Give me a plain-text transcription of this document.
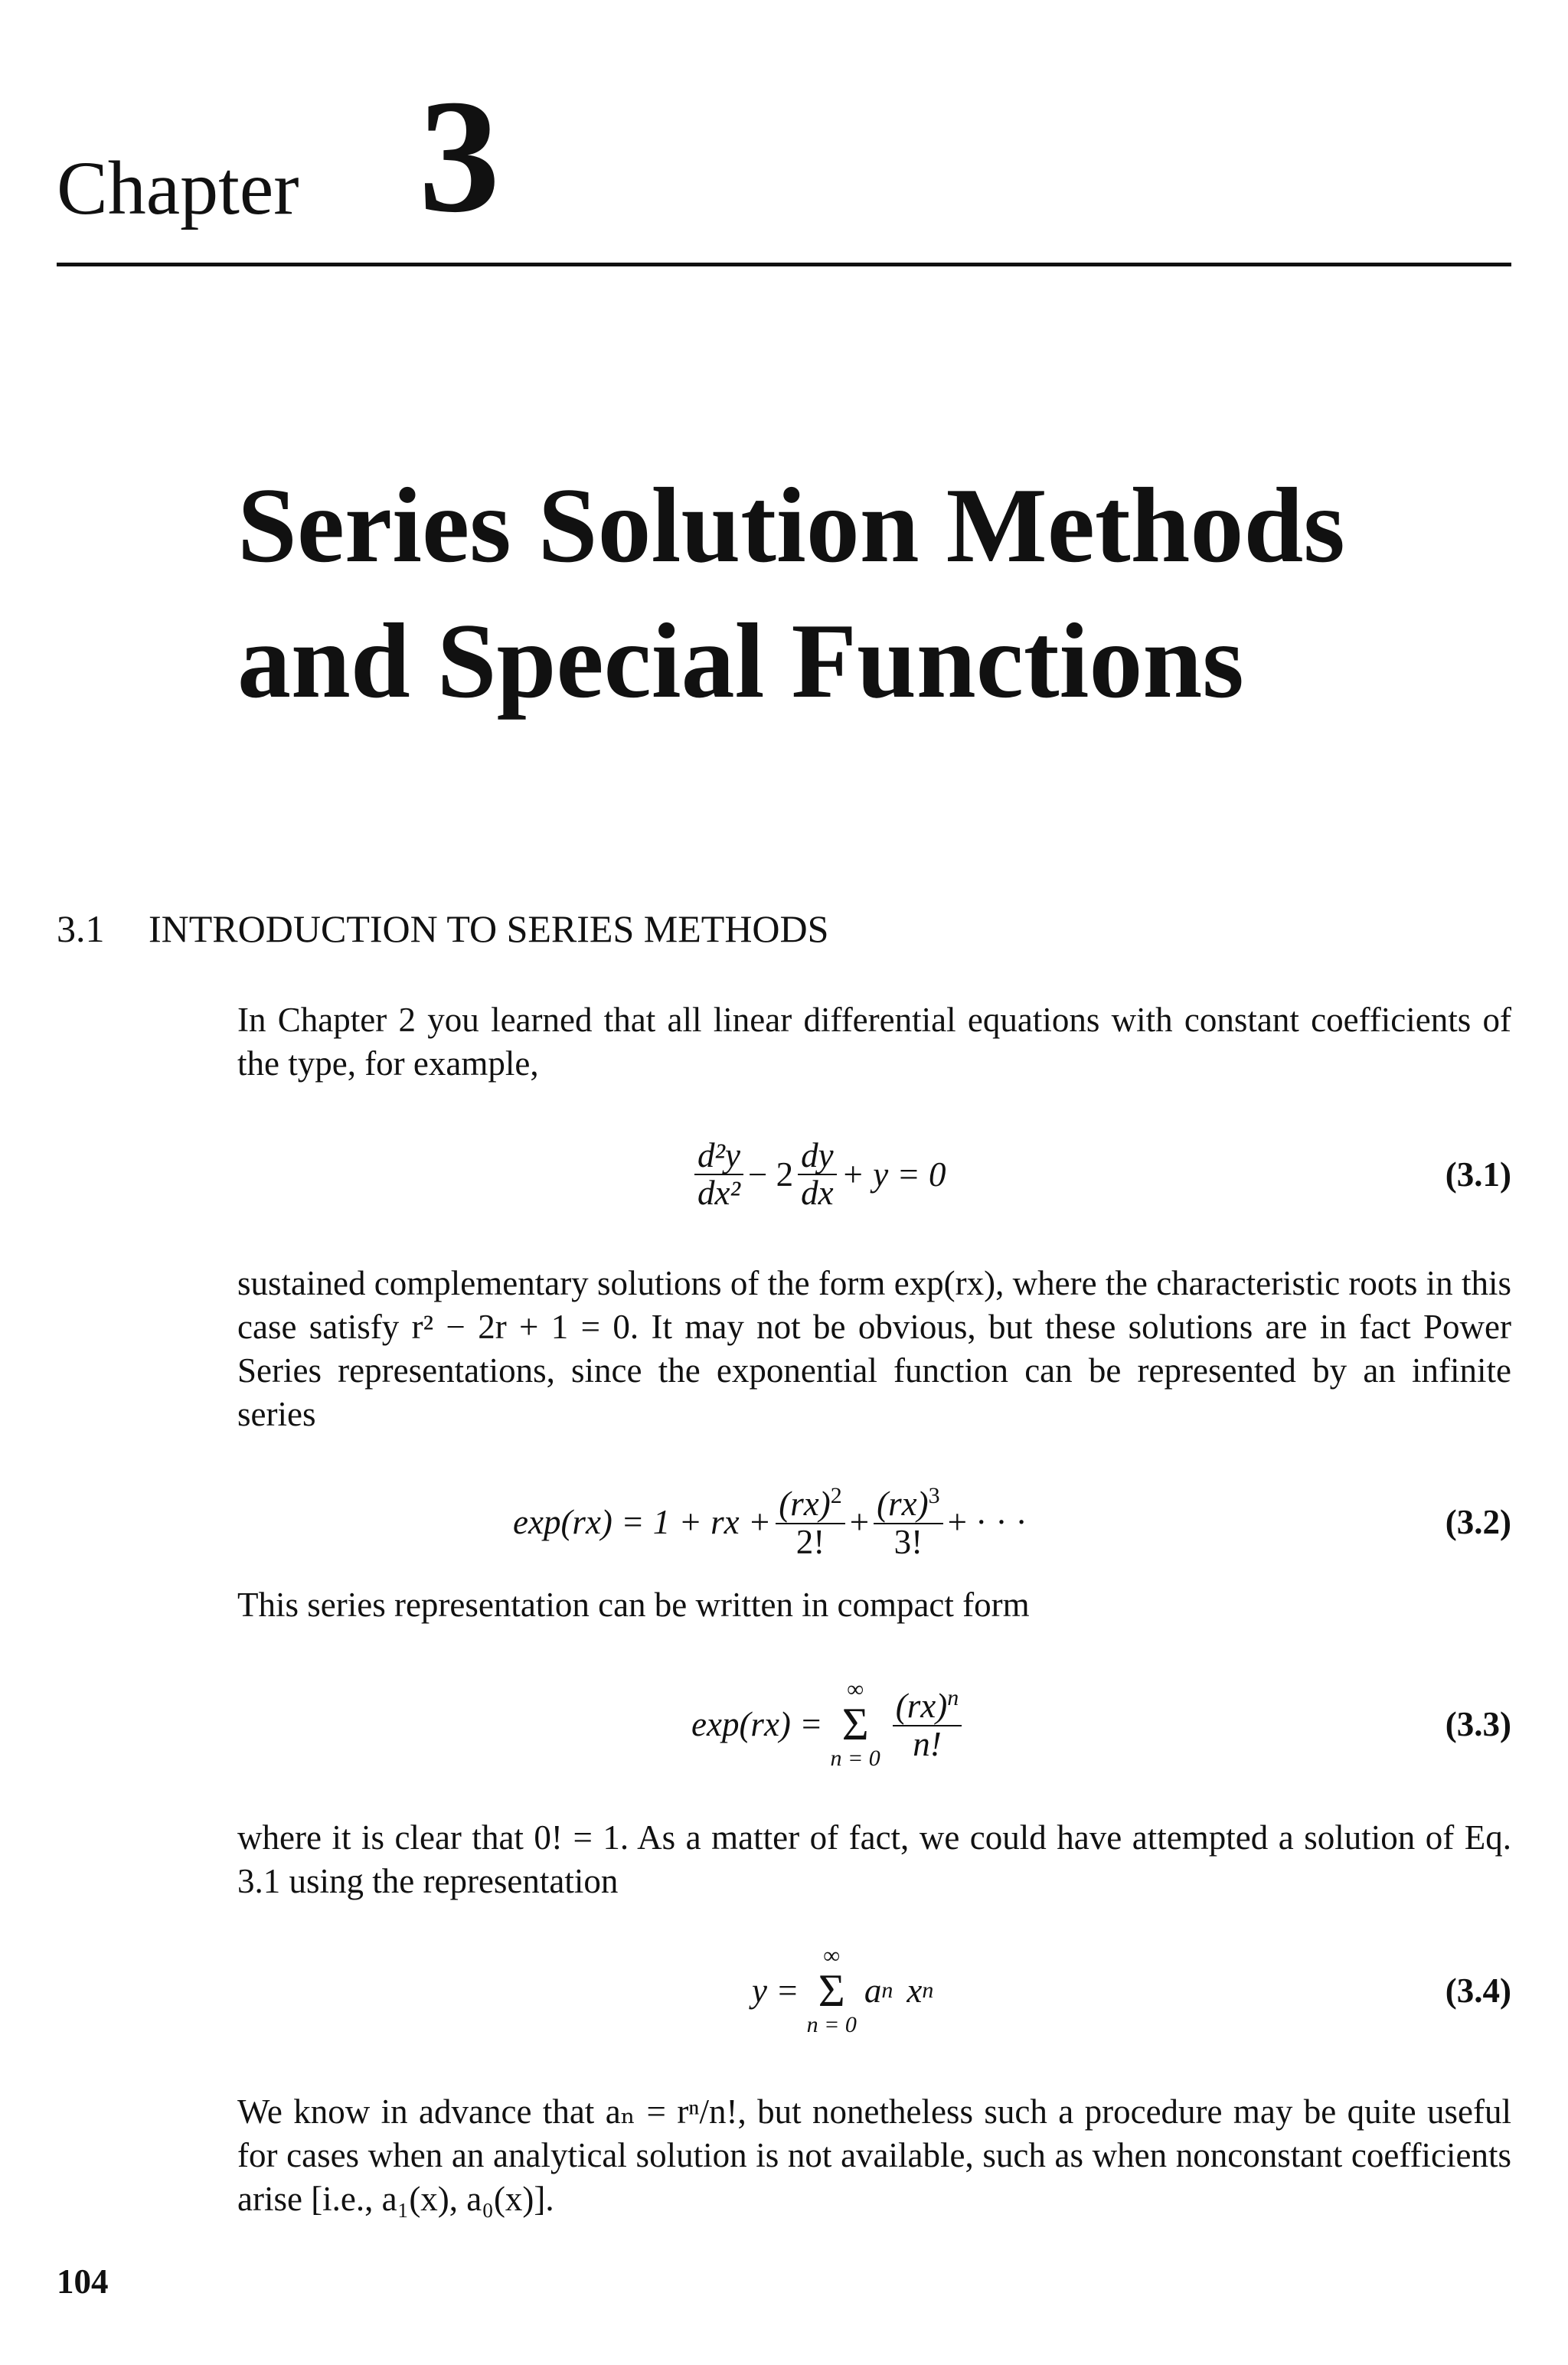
Chapter 3
Series Solution Methods
and Special Functions
3.1 INTRODUCTION TO SERIES METHODS

In Chapter 2 you learned that all linear differential equations with constant coefficients of the type, for example,

$\frac{\text{d²y}}{\text{dx²}} - 2 \frac{dy}{dx} + y = 0$	(3.1)

sustained complementary solutions of the form exp(rx), where the characteristic roots in this case satisfy r² − 2r + 1 = 0. It may not be obvious, but these solutions are in fact Power Series representations, since the exponential function can be represented by an infinite series

exp(rx) = 1 + rx + $\frac{(rx)^2}{2!} + \frac{(rx)^3}{3!}$ + · · ·	(3.2)

This series representation can be written in compact form

exp(rx) =
∞
Σ
$n = 0 \frac{(rx)^n}{n!}$	(3.3)

where it is clear that 0! = 1. As a matter of fact, we could have attempted a solution of Eq. 3.1 using the representation

y =
∞
Σ
n = 0
a n x n	(3.4)

We know in advance that aₙ = rⁿ/n!, but nonetheless such a procedure may be quite useful for cases when an analytical solution is not available, such as when nonconstant coefficients arise [i.e., a₁(x), a₀(x)].

104
